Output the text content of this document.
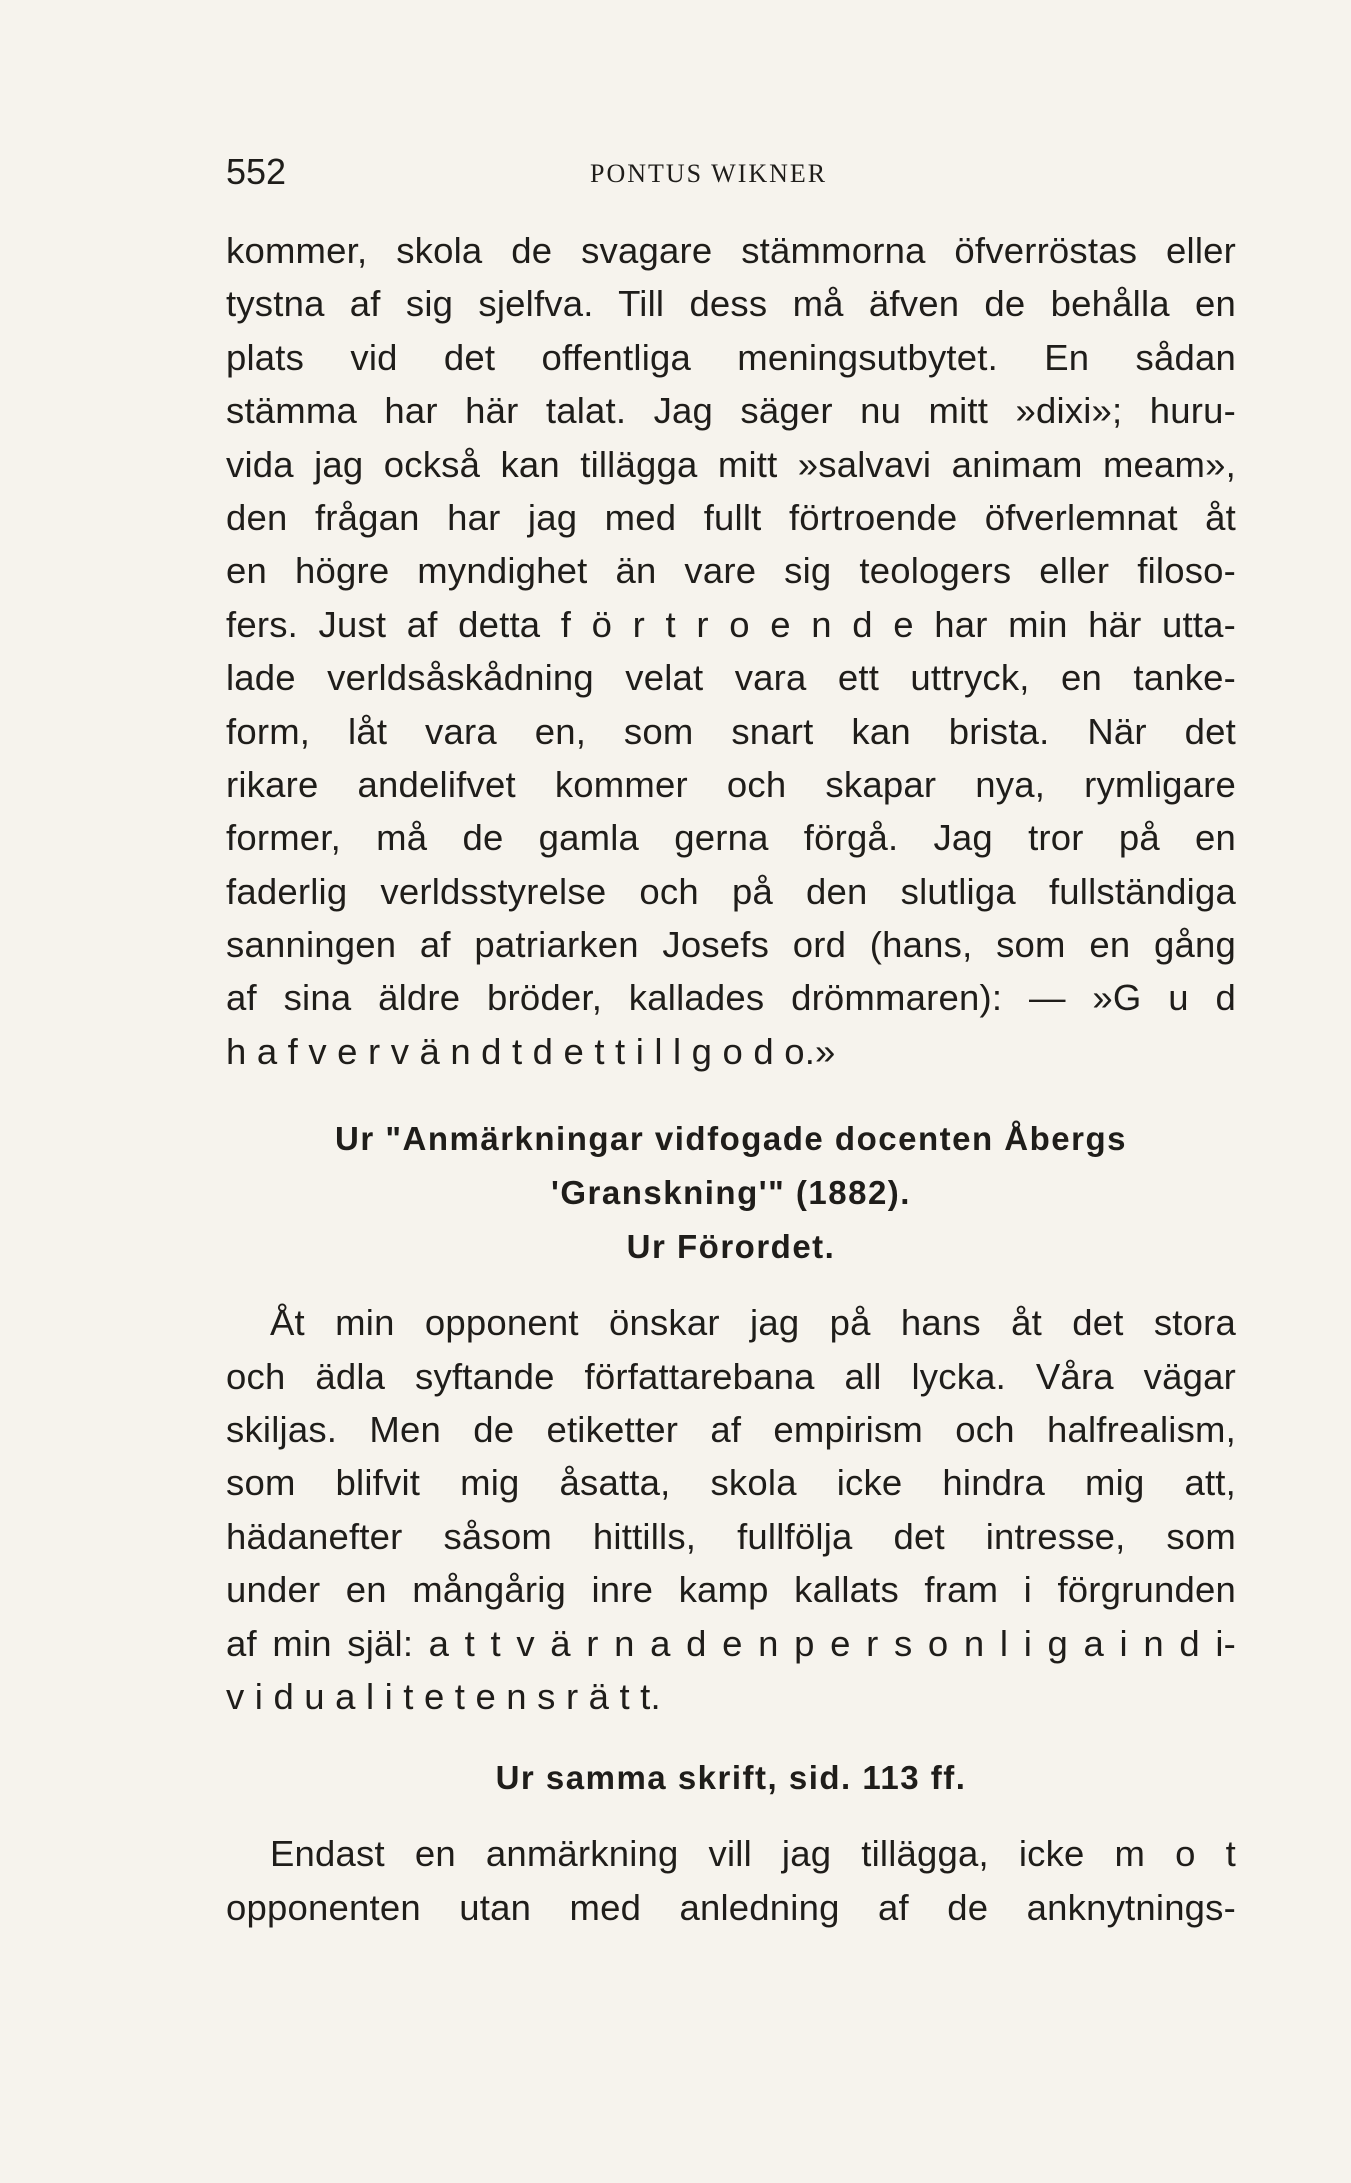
552	PONTUS WIKNER
kommer, skola de svagare stämmorna öfverröstas eller
tystna af sig sjelfva. Till dess må äfven de behålla en
plats vid det offentliga meningsutbytet. En sådan
stämma har här talat. Jag säger nu mitt »dixi»; huru-
vida jag också kan tillägga mitt »salvavi animam meam»,
den frågan har jag med fullt förtroende öfverlemnat åt
en högre myndighet än vare sig teologers eller filoso-
fers. Just af detta f ö r t r o e n d e har min här utta-
lade verldsåskådning velat vara ett uttryck, en tanke-
form, låt vara en, som snart kan brista. När det
rikare andelifvet kommer och skapar nya, rymligare
former, må de gamla gerna förgå. Jag tror på en
faderlig verldsstyrelse och på den slutliga fullständiga
sanningen af patriarken Josefs ord (hans, som en gång
af sina äldre bröder, kallades drömmaren): — »G u d
h a f v e r v ä n d t d e t t i l l g o d o.»
Ur "Anmärkningar vidfogade docenten Åbergs
'Granskning'" (1882).
Ur Förordet.
Åt min opponent önskar jag på hans åt det stora
och ädla syftande författarebana all lycka. Våra vägar
skiljas. Men de etiketter af empirism och halfrealism,
som blifvit mig åsatta, skola icke hindra mig att,
hädanefter såsom hittills, fullfölja det intresse, som
under en mångårig inre kamp kallats fram i förgrunden
af min själ: a t t v ä r n a d e n p e r s o n l i g a i n d i-
v i d u a l i t e t e n s r ä t t.
Ur samma skrift, sid. 113 ff.
Endast en anmärkning vill jag tillägga, icke m o t
opponenten utan med anledning af de anknytnings-
